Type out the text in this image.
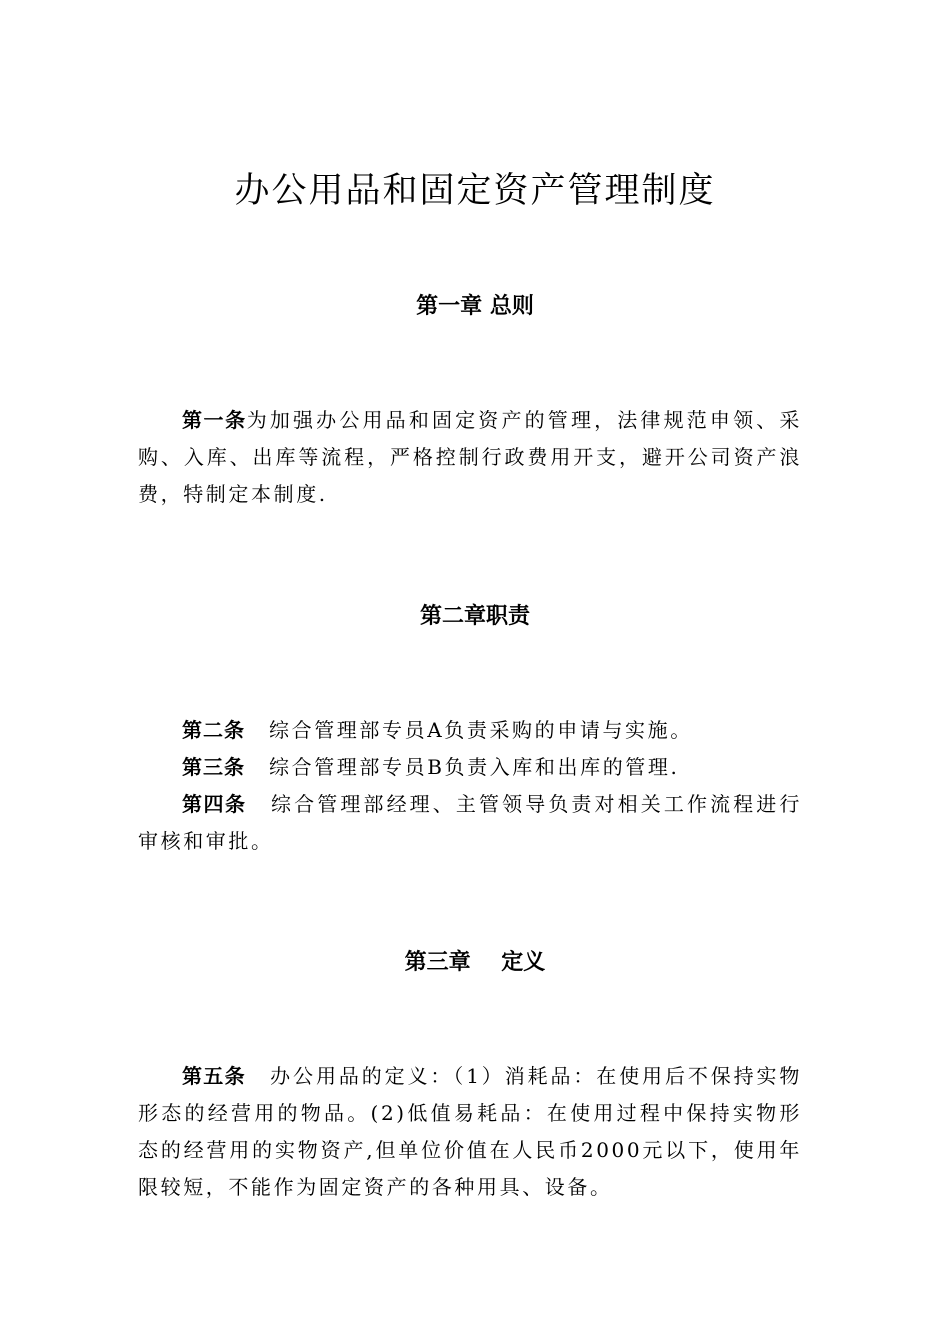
办公用品和固定资产管理制度
第一章 总则

第一条为加强办公用品和固定资产的管理，法律规范申领、采购、入库、出库等流程，严格控制行政费用开支，避开公司资产浪费，特制定本制度.

第二章职责

第二条 综合管理部专员A负责采购的申请与实施。

第三条 综合管理部专员B负责入库和出库的管理.

第四条 综合管理部经理、主管领导负责对相关工作流程进行审核和审批。

第三章    定义

第五条 办公用品的定义：（1）消耗品：在使用后不保持实物形态的经营用的物品。(2)低值易耗品：在使用过程中保持实物形态的经营用的实物资产,但单位价值在人民币2000元以下，使用年限较短，不能作为固定资产的各种用具、设备。
